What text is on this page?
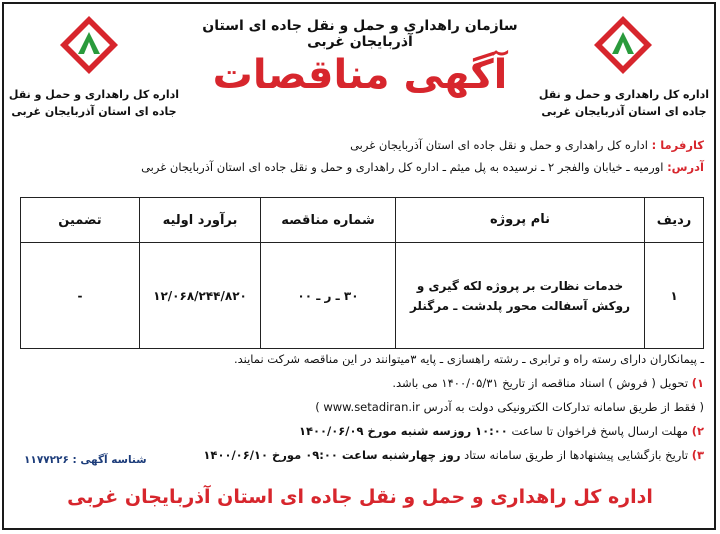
اداره کل راهداری و حمل و نقل جاده ای استان آذربایجان غربی
اداره کل راهداری و حمل و نقل جاده ای استان آذربایجان غربی
سازمان راهداری و حمل و نقل جاده ای استان آذربایجان غربی
آگهی مناقصات
کارفرما : اداره کل راهداری و حمل و نقل جاده ای استان آذربایجان غربی
آدرس: اورمیه ـ خیابان والفجر ۲ ـ نرسیده به پل میثم ـ اداره کل راهداری و حمل و نقل جاده ای استان آذربایجان غربی
ردیف	نام پروژه	شماره مناقصه	برآورد اولیه	تضمین
۱	خدمات نظارت بر پروژه لکه گیری و روکش آسفالت محور پلدشت ـ مرگنلر	۳۰ ـ ر ـ ۰۰	۱۲/۰۶۸/۲۴۴/۸۲۰	-
ـ پیمانکاران دارای رسته راه و ترابری ـ رشته راهسازی ـ پایه ۳میتوانند در این مناقصه شرکت نمایند.
۱) تحویل ( فروش ) اسناد مناقصه از تاریخ ۱۴۰۰/۰۵/۳۱ می باشد.
( فقط از طریق سامانه تدارکات الکترونیکی دولت به آدرس www.setadiran.ir )
۲) مهلت ارسال پاسخ فراخوان تا ساعت ۱۰:۰۰ روزسه شنبه مورخ ۱۴۰۰/۰۶/۰۹
۳) تاریخ بازگشایی پیشنهادها از طریق سامانه ستاد روز چهارشنبه ساعت ۰۹:۰۰ مورخ ۱۴۰۰/۰۶/۱۰
شناسه آگهی : ۱۱۷۷۲۲۶
اداره کل راهداری و حمل و نقل جاده ای استان آذربایجان غربی
